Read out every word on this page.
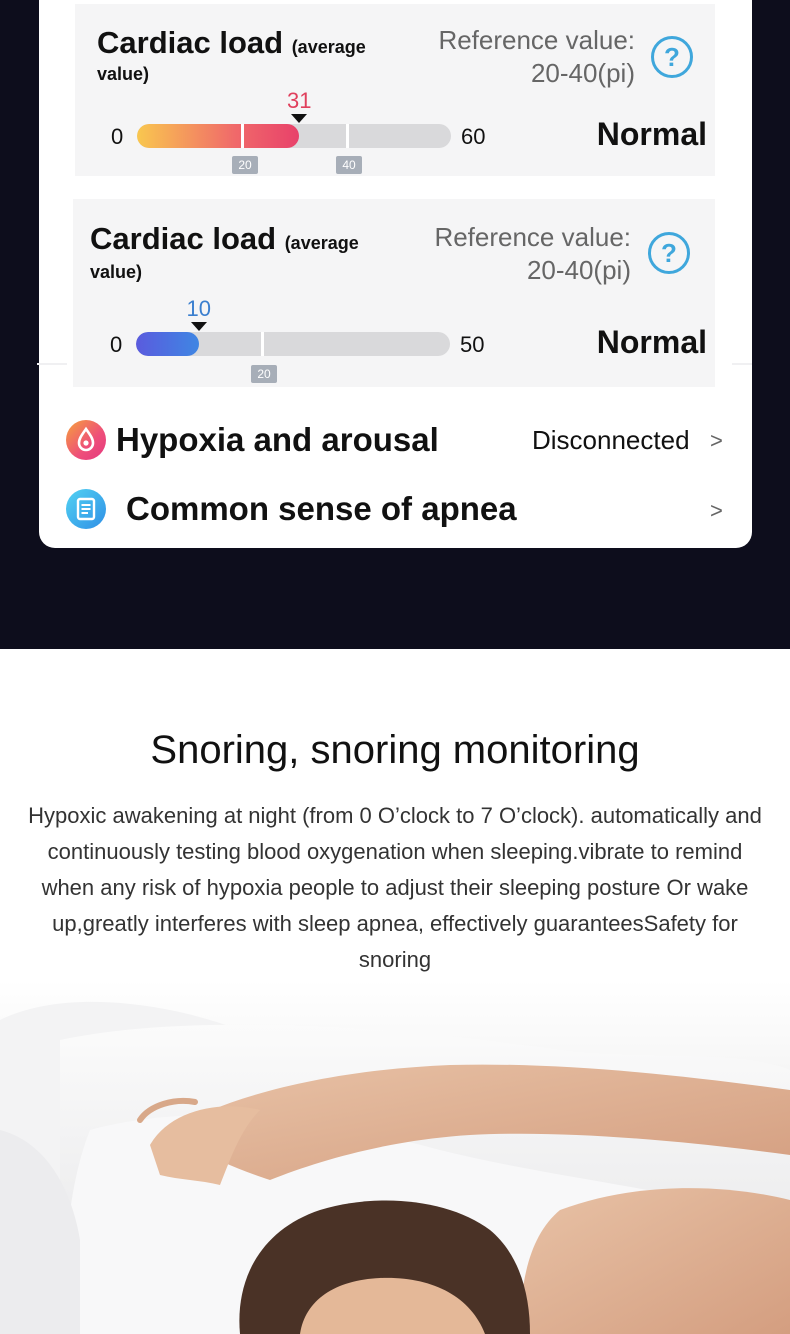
Cardiac load (average
value)
Reference value:
20-40(pi)
?
0	60
31
20	40
Normal
Cardiac load (average
value)
Reference value:
20-40(pi)
?
0	50
10
20
Normal
Hypoxia and arousal	Disconnected >
Common sense of apnea	>
Snoring, snoring monitoring
Hypoxic awakening at night (from 0 O’clock to 7 O’clock). automatically and continuously testing blood oxygenation when sleeping.vibrate to remind when any risk of hypoxia people to adjust their sleeping posture Or wake up,greatly interferes with sleep apnea, effectively guaranteesSafety for snoring
